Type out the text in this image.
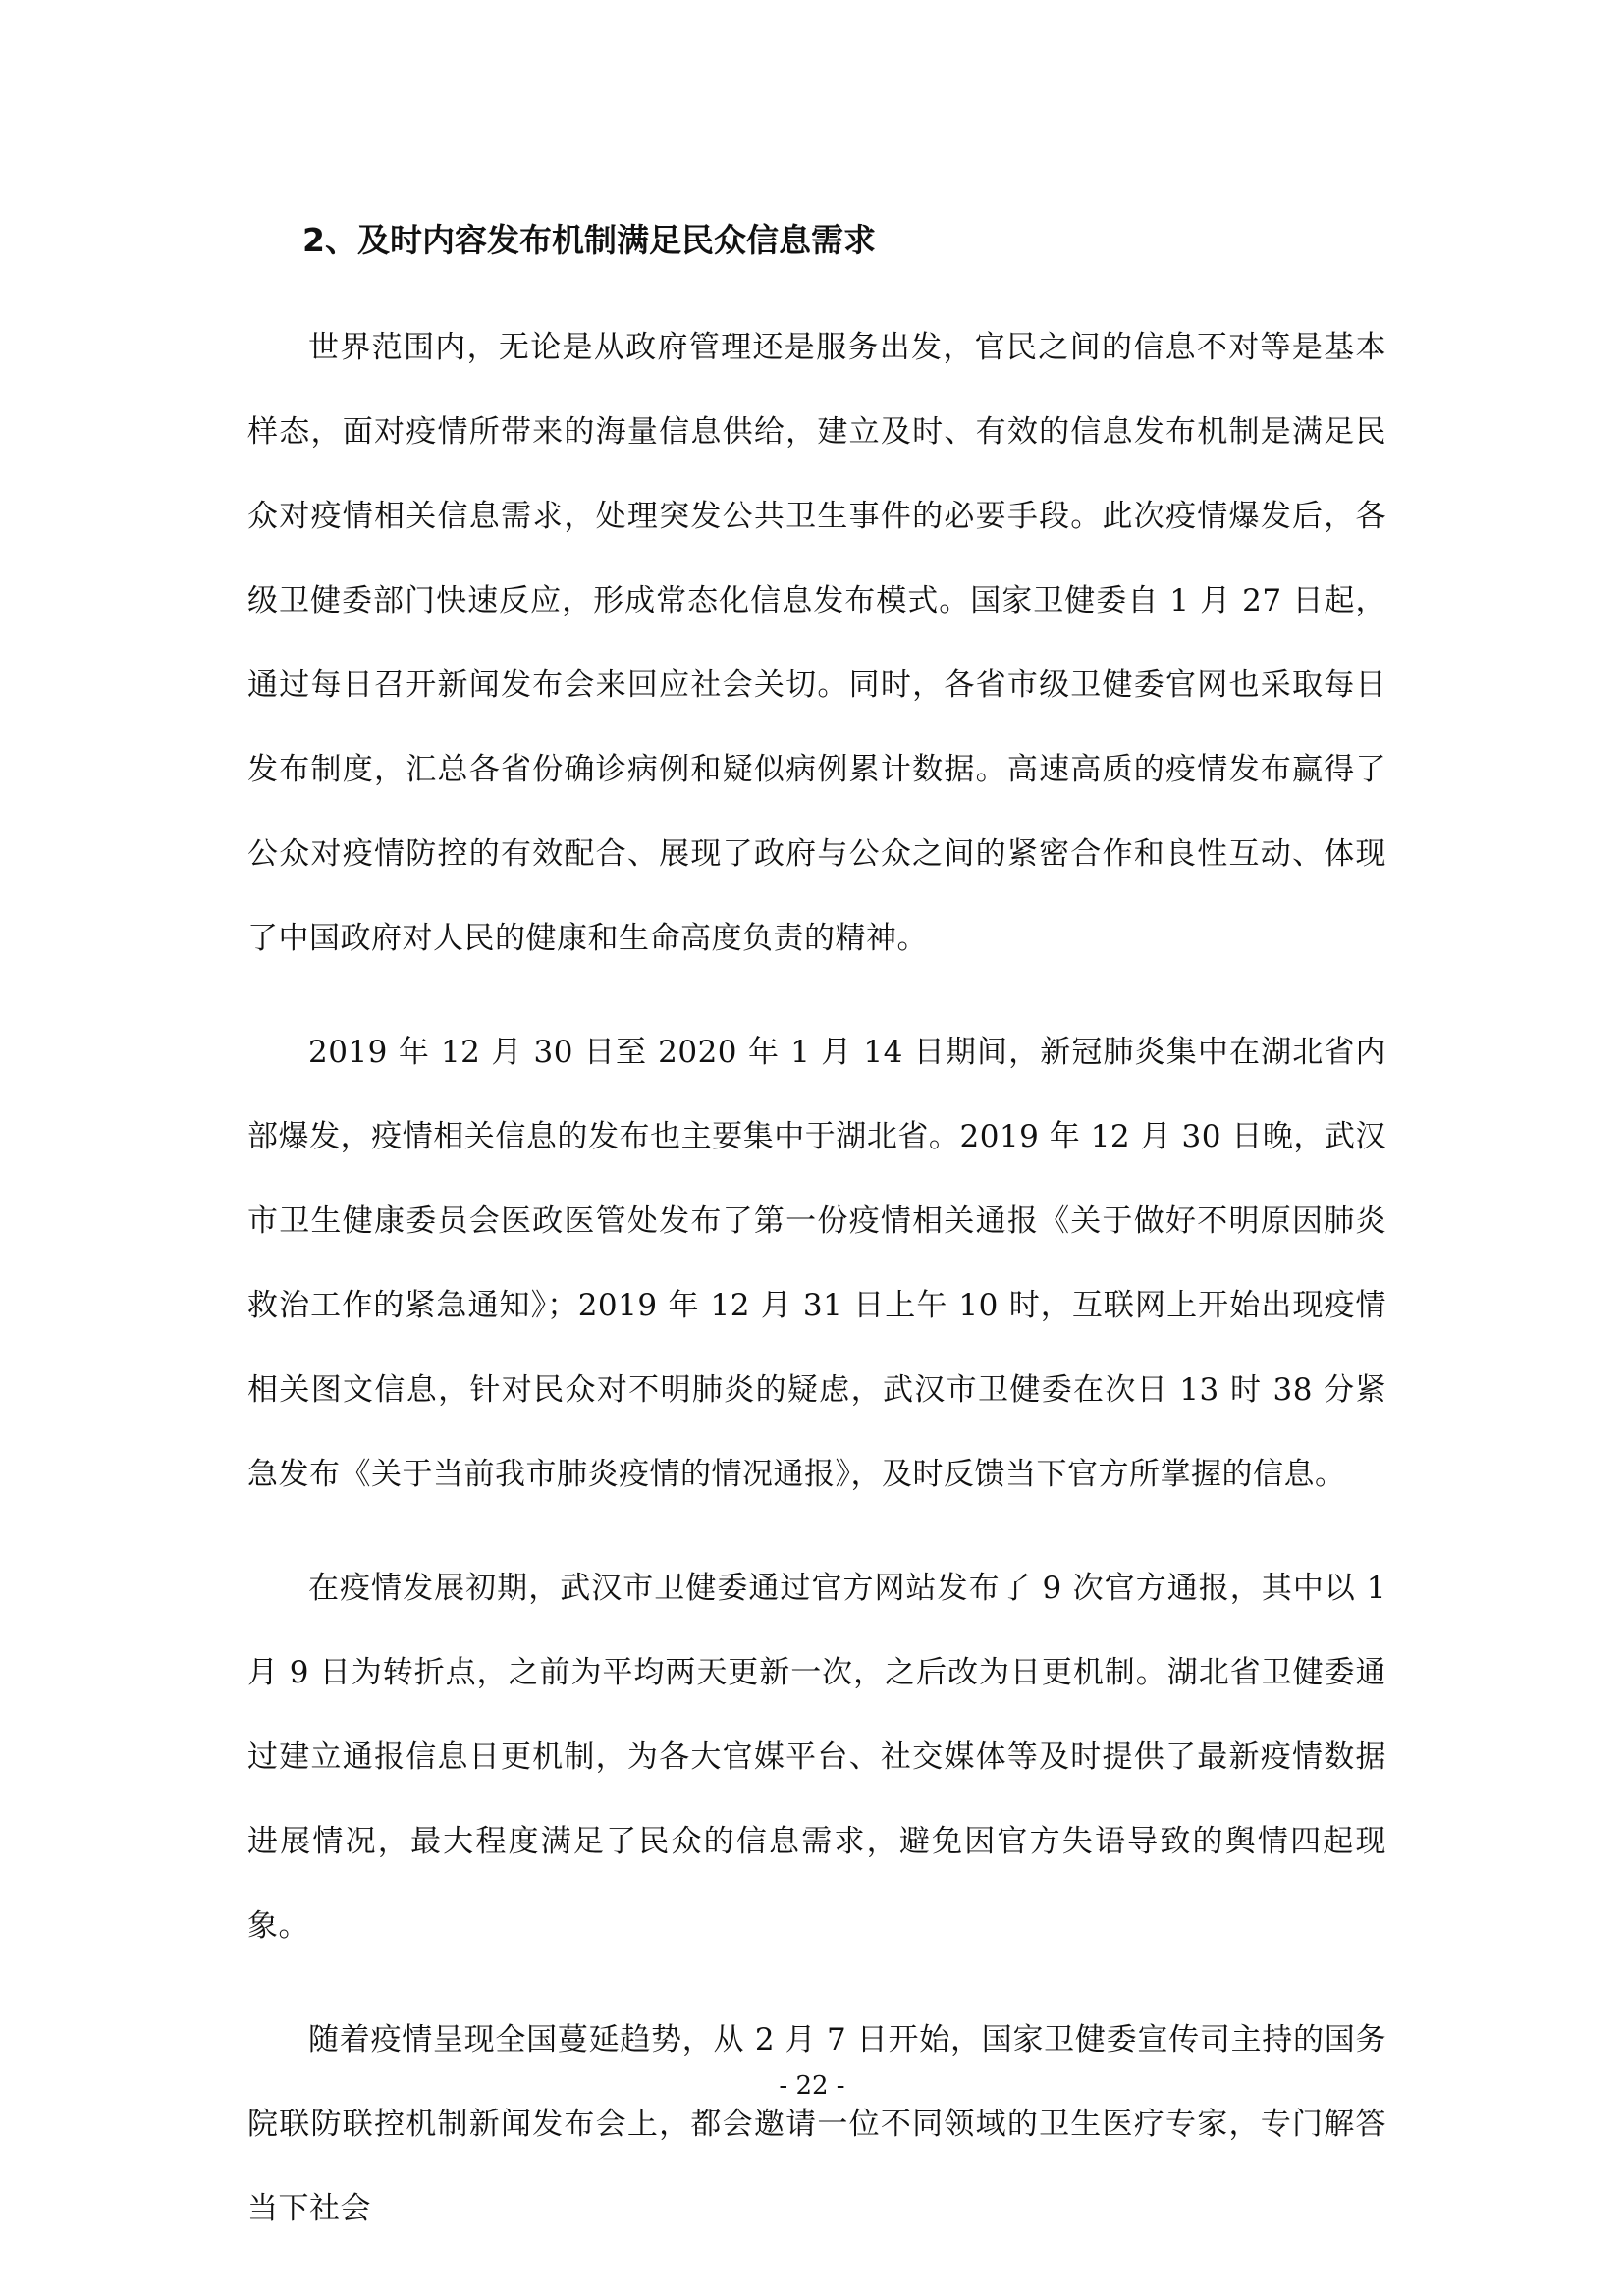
2、及时内容发布机制满足民众信息需求

世界范围内，无论是从政府管理还是服务出发，官民之间的信息不对等是基本样态，面对疫情所带来的海量信息供给，建立及时、有效的信息发布机制是满足民众对疫情相关信息需求，处理突发公共卫生事件的必要手段。此次疫情爆发后，各级卫健委部门快速反应，形成常态化信息发布模式。国家卫健委自 1 月 27 日起，通过每日召开新闻发布会来回应社会关切。同时，各省市级卫健委官网也采取每日发布制度，汇总各省份确诊病例和疑似病例累计数据。高速高质的疫情发布赢得了公众对疫情防控的有效配合、展现了政府与公众之间的紧密合作和良性互动、体现了中国政府对人民的健康和生命高度负责的精神。

2019 年 12 月 30 日至 2020 年 1 月 14 日期间，新冠肺炎集中在湖北省内部爆发，疫情相关信息的发布也主要集中于湖北省。2019 年 12 月 30 日晚，武汉市卫生健康委员会医政医管处发布了第一份疫情相关通报《关于做好不明原因肺炎救治工作的紧急通知》；2019 年 12 月 31 日上午 10 时，互联网上开始出现疫情相关图文信息，针对民众对不明肺炎的疑虑，武汉市卫健委在次日 13 时 38 分紧急发布《关于当前我市肺炎疫情的情况通报》，及时反馈当下官方所掌握的信息。

在疫情发展初期，武汉市卫健委通过官方网站发布了 9 次官方通报，其中以 1 月 9 日为转折点，之前为平均两天更新一次，之后改为日更机制。湖北省卫健委通过建立通报信息日更机制，为各大官媒平台、社交媒体等及时提供了最新疫情数据进展情况，最大程度满足了民众的信息需求，避免因官方失语导致的舆情四起现象。

随着疫情呈现全国蔓延趋势，从 2 月 7 日开始，国家卫健委宣传司主持的国务院联防联控机制新闻发布会上，都会邀请一位不同领域的卫生医疗专家，专门解答当下社会

- 22 -
